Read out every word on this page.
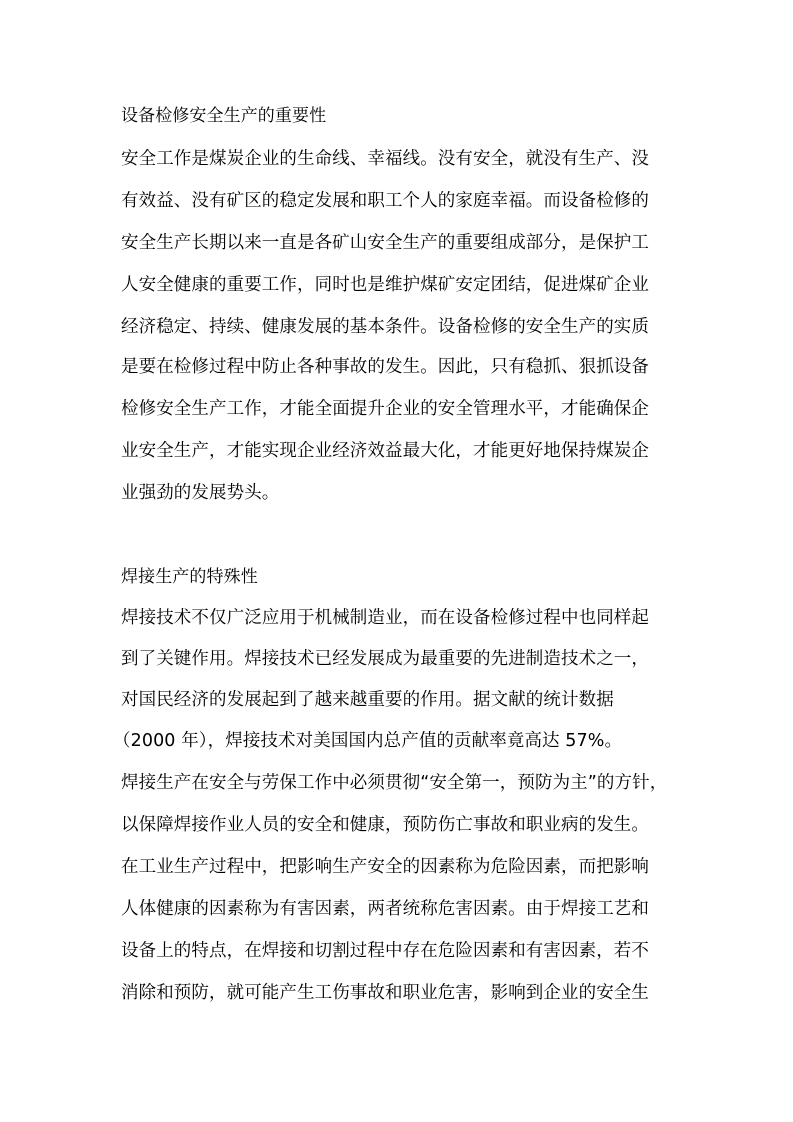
设备检修安全生产的重要性
安全工作是煤炭企业的生命线、幸福线。没有安全，就没有生产、没
有效益、没有矿区的稳定发展和职工个人的家庭幸福。而设备检修的
安全生产长期以来一直是各矿山安全生产的重要组成部分，是保护工
人安全健康的重要工作，同时也是维护煤矿安定团结，促进煤矿企业
经济稳定、持续、健康发展的基本条件。设备检修的安全生产的实质
是要在检修过程中防止各种事故的发生。因此，只有稳抓、狠抓设备
检修安全生产工作，才能全面提升企业的安全管理水平，才能确保企
业安全生产，才能实现企业经济效益最大化，才能更好地保持煤炭企
业强劲的发展势头。
焊接生产的特殊性
焊接技术不仅广泛应用于机械制造业，而在设备检修过程中也同样起
到了关键作用。焊接技术已经发展成为最重要的先进制造技术之一，
对国民经济的发展起到了越来越重要的作用。据文献的统计数据
（2000 年），焊接技术对美国国内总产值的贡献率竟高达 57%。
焊接生产在安全与劳保工作中必须贯彻“安全第一，预防为主”的方针，
以保障焊接作业人员的安全和健康，预防伤亡事故和职业病的发生。
在工业生产过程中，把影响生产安全的因素称为危险因素，而把影响
人体健康的因素称为有害因素，两者统称危害因素。由于焊接工艺和
设备上的特点，在焊接和切割过程中存在危险因素和有害因素，若不
消除和预防，就可能产生工伤事故和职业危害，影响到企业的安全生
